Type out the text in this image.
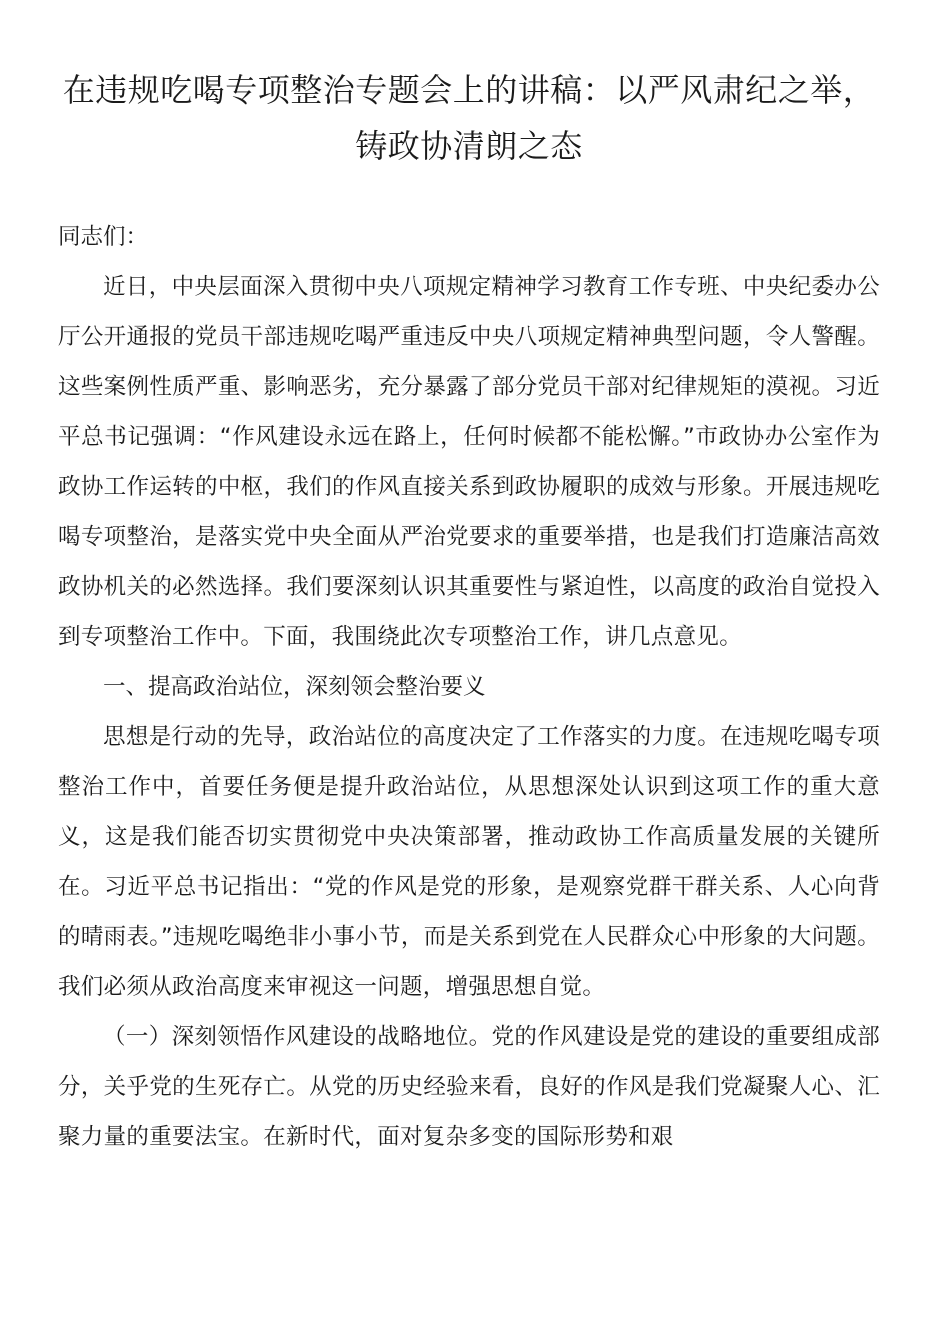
在违规吃喝专项整治专题会上的讲稿：以严风肃纪之举，铸政协清朗之态

同志们：

近日，中央层面深入贯彻中央八项规定精神学习教育工作专班、中央纪委办公厅公开通报的党员干部违规吃喝严重违反中央八项规定精神典型问题，令人警醒。这些案例性质严重、影响恶劣，充分暴露了部分党员干部对纪律规矩的漠视。习近平总书记强调：“作风建设永远在路上，任何时候都不能松懈。”市政协办公室作为政协工作运转的中枢，我们的作风直接关系到政协履职的成效与形象。开展违规吃喝专项整治，是落实党中央全面从严治党要求的重要举措，也是我们打造廉洁高效政协机关的必然选择。我们要深刻认识其重要性与紧迫性，以高度的政治自觉投入到专项整治工作中。下面，我围绕此次专项整治工作，讲几点意见。

一、提高政治站位，深刻领会整治要义

思想是行动的先导，政治站位的高度决定了工作落实的力度。在违规吃喝专项整治工作中，首要任务便是提升政治站位，从思想深处认识到这项工作的重大意义，这是我们能否切实贯彻党中央决策部署，推动政协工作高质量发展的关键所在。习近平总书记指出：“党的作风是党的形象，是观察党群干群关系、人心向背的晴雨表。”违规吃喝绝非小事小节，而是关系到党在人民群众心中形象的大问题。我们必须从政治高度来审视这一问题，增强思想自觉。

（一）深刻领悟作风建设的战略地位。党的作风建设是党的建设的重要组成部分，关乎党的生死存亡。从党的历史经验来看，良好的作风是我们党凝聚人心、汇聚力量的重要法宝。在新时代，面对复杂多变的国际形势和艰
